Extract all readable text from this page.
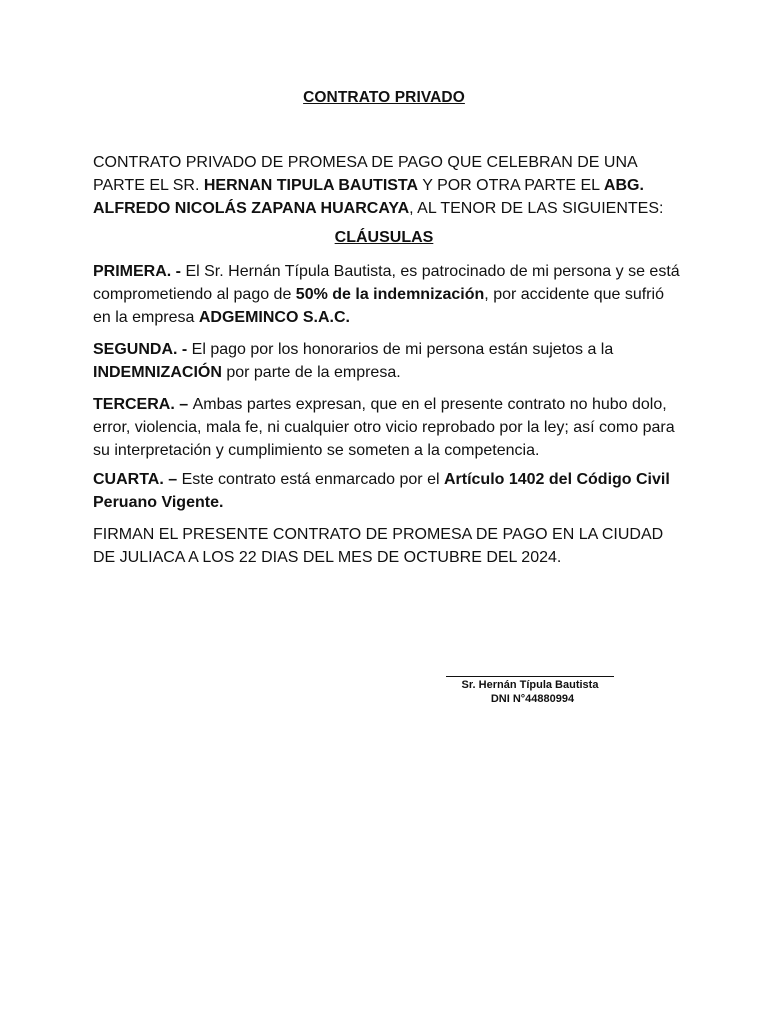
CONTRATO PRIVADO
CONTRATO PRIVADO DE PROMESA DE PAGO QUE CELEBRAN DE UNA PARTE EL SR. HERNAN TIPULA BAUTISTA Y POR OTRA PARTE EL ABG. ALFREDO NICOLÁS ZAPANA HUARCAYA, AL TENOR DE LAS SIGUIENTES:
CLÁUSULAS
PRIMERA. - El Sr. Hernán Típula Bautista, es patrocinado de mi persona y se está comprometiendo al pago de 50% de la indemnización, por accidente que sufrió en la empresa ADGEMINCO S.A.C.
SEGUNDA. - El pago por los honorarios de mi persona están sujetos a la INDEMNIZACIÓN por parte de la empresa.
TERCERA. – Ambas partes expresan, que en el presente contrato no hubo dolo, error, violencia, mala fe, ni cualquier otro vicio reprobado por la ley; así como para su interpretación y cumplimiento se someten a la competencia.
CUARTA. – Este contrato está enmarcado por el Artículo 1402 del Código Civil Peruano Vigente.
FIRMAN EL PRESENTE CONTRATO DE PROMESA DE PAGO EN LA CIUDAD DE JULIACA A LOS 22 DIAS DEL MES DE OCTUBRE DEL 2024.
Sr. Hernán Típula Bautista
DNI N°44880994
